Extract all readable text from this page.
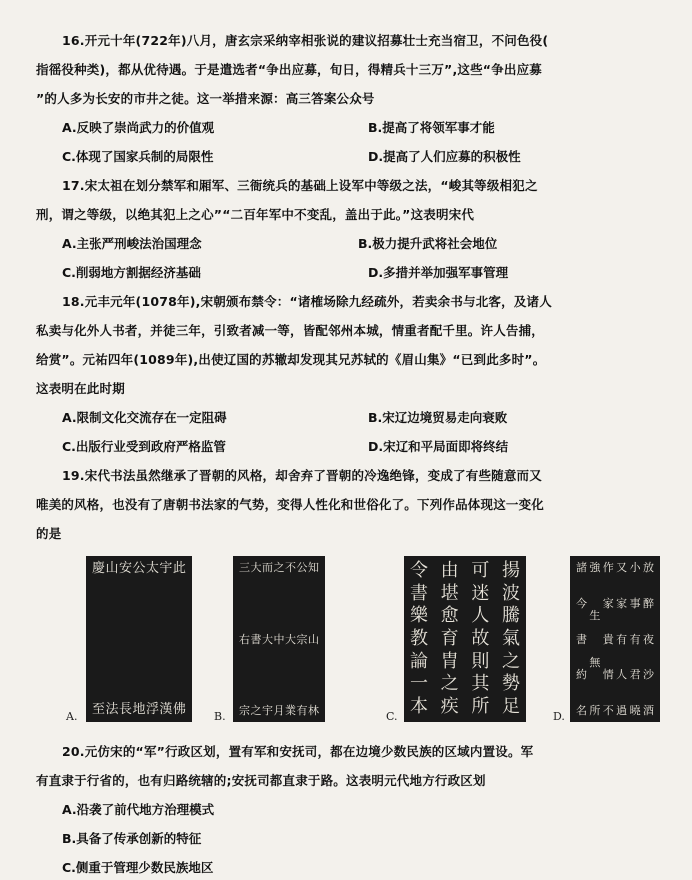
16.开元十年(722年)八月，唐玄宗采纳宰相张说的建议招募壮士充当宿卫，不问色役(
指徭役种类)，都从优待遇。于是遣选者“争出应募，旬日，得精兵十三万”,这些“争出应募
”的人多为长安的市井之徒。这一举措来源：高三答案公众号
A.反映了崇尚武力的价值观	B.提高了将领军事才能
C.体现了国家兵制的局限性	D.提高了人们应募的积极性
17.宋太祖在划分禁军和厢军、三衙统兵的基础上设军中等级之法，“峻其等级相犯之
刑，谓之等级，以绝其犯上之心”“二百年军中不变乱，盖出于此。”这表明宋代
A.主张严刑峻法治国理念	B.极力提升武将社会地位
C.削弱地方割据经济基础	D.多措并举加强军事管理
18.元丰元年(1078年),宋朝颁布禁令：“诸榷场除九经疏外，若卖余书与北客，及诸人
私卖与化外人书者，并徒三年，引致者减一等，皆配邻州本城，情重者配千里。许人告捕，
给赏”。元祐四年(1089年),出使辽国的苏辙却发现其兄苏轼的《眉山集》“已到此多时”。
这表明在此时期
A.限制文化交流存在一定阻碍	B.宋辽边境贸易走向衰败
C.出版行业受到政府严格监管	D.宋辽和平局面即将终结
19.宋代书法虽然继承了晋朝的风格，却舍弃了晋朝的冷逸绝锋，变成了有些随意而又
唯美的风格，也没有了唐朝书法家的气势，变得人性化和世俗化了。下列作品体现这一变化
的是
此
佛
宇
漢
太
浮
公
地
安
長
山
法
慶
至
A.
知
山
林
公
宗
有
不
大
業
之
中
月
而
大
宇
大
書
之
三
右
宗
B.
揚
波
騰
氣
之
勢
足
可
迷
人
故
則
其
所
由
堪
愈
育
胄
之
疾
令
書
樂
教
論
一
本
C.
放
醉
夜
沙
酒
小
事
有
君
曉
又
家
有
人
過
作
家
貴
情
不
強
生
無
所
諸
今
書
約
名
D.
20.元仿宋的“军”行政区划，置有军和安抚司，都在边境少数民族的区域内置设。军
有直隶于行省的，也有归路统辖的;安抚司都直隶于路。这表明元代地方行政区划
A.沿袭了前代地方治理模式
B.具备了传承创新的特征
C.侧重于管理少数民族地区
